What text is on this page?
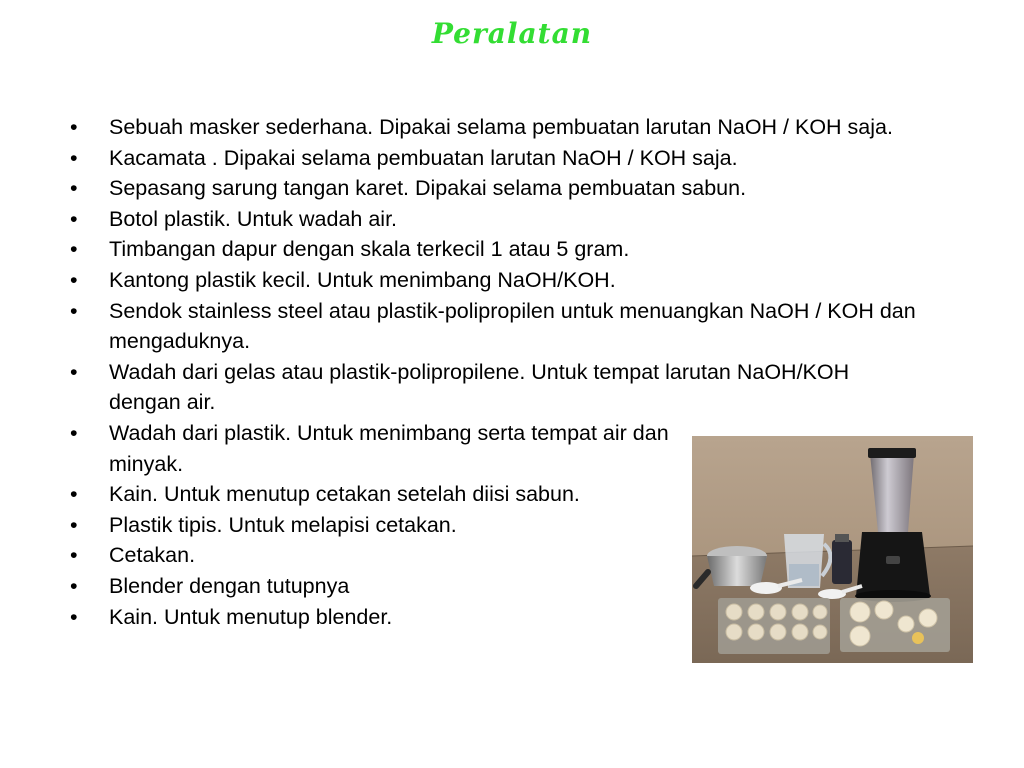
Peralatan
• Sebuah masker sederhana. Dipakai selama pembuatan larutan NaOH / KOH saja.
• Kacamata . Dipakai selama pembuatan larutan NaOH / KOH saja.
• Sepasang sarung tangan karet. Dipakai selama pembuatan sabun.
• Botol plastik. Untuk wadah air.
• Timbangan dapur dengan skala terkecil 1 atau 5 gram.
• Kantong plastik kecil. Untuk menimbang NaOH/KOH.
• Sendok stainless steel atau plastik-polipropilen untuk menuangkan NaOH / KOH dan mengaduknya.
• Wadah dari gelas atau plastik-polipropilene. Untuk tempat larutan NaOH/KOH dengan air.
• Wadah dari plastik. Untuk menimbang serta tempat air dan minyak.
• Kain. Untuk menutup cetakan setelah diisi sabun.
• Plastik tipis. Untuk melapisi cetakan.
• Cetakan.
• Blender dengan tutupnya
• Kain. Untuk menutup blender.
